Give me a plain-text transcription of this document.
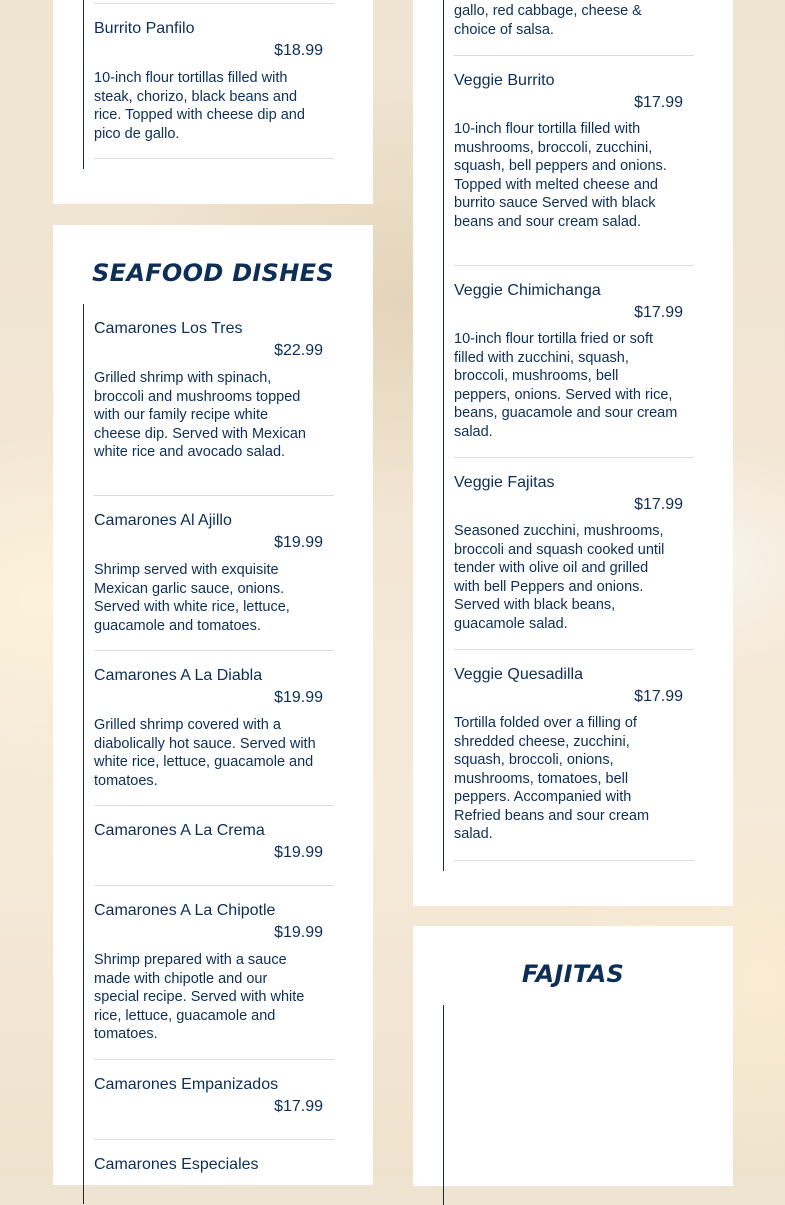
Burrito Panfilo
$18.99

10-inch flour tortillas filled with steak, chorizo, black beans and rice. Topped with cheese dip and pico de gallo.

SEAFOOD DISHES
Camarones Los Tres
$22.99

Grilled shrimp with spinach, broccoli and mushrooms topped with our family recipe white cheese dip. Served with Mexican white rice and avocado salad.

Camarones Al Ajillo
$19.99

Shrimp served with exquisite Mexican garlic sauce, onions. Served with white rice, lettuce, guacamole and tomatoes.

Camarones A La Diabla
$19.99

Grilled shrimp covered with a diabolically hot sauce. Served with white rice, lettuce, guacamole and tomatoes.

Camarones A La Crema
$19.99
Camarones A La Chipotle
$19.99

Shrimp prepared with a sauce made with chipotle and our special recipe. Served with white rice, lettuce, guacamole and tomatoes.

Camarones Empanizados
$17.99
Camarones Especiales

gallo, red cabbage, cheese & choice of salsa.

Veggie Burrito
$17.99

10-inch flour tortilla filled with mushrooms, broccoli, zucchini, squash, bell peppers and onions. Topped with melted cheese and burrito sauce Served with black beans and sour cream salad.

Veggie Chimichanga
$17.99

10-inch flour tortilla fried or soft filled with zucchini, squash, broccoli, mushrooms, bell peppers, onions. Served with rice, beans, guacamole and sour cream salad.

Veggie Fajitas
$17.99

Seasoned zucchini, mushrooms, broccoli and squash cooked until tender with olive oil and grilled with bell Peppers and onions. Served with black beans, guacamole salad.

Veggie Quesadilla
$17.99

Tortilla folded over a filling of shredded cheese, zucchini, squash, broccoli, onions, mushrooms, tomatoes, bell peppers. Accompanied with Refried beans and sour cream salad.

FAJITAS
